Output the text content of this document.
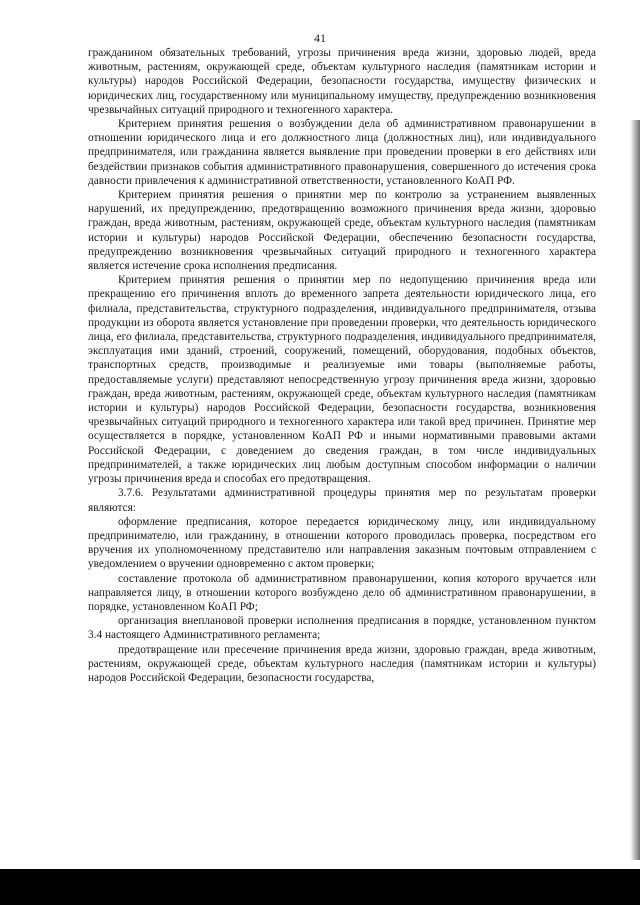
41

гражданином обязательных требований, угрозы причинения вреда жизни, здоровью людей, вреда животным, растениям, окружающей среде, объектам культурного наследия (памятникам истории и культуры) народов Российской Федерации, безопасности государства, имуществу физических и юридических лиц, государственному или муниципальному имуществу, предупреждению возникновения чрезвычайных ситуаций природного и техногенного характера.

Критерием принятия решения о возбуждении дела об административном правонарушении в отношении юридического лица и его должностного лица (должностных лиц), или индивидуального предпринимателя, или гражданина является выявление при проведении проверки в его действиях или бездействии признаков события административного правонарушения, совершенного до истечения срока давности привлечения к административной ответственности, установленного КоАП РФ.

Критерием принятия решения о принятии мер по контролю за устранением выявленных нарушений, их предупреждению, предотвращению возможного причинения вреда жизни, здоровью граждан, вреда животным, растениям, окружающей среде, объектам культурного наследия (памятникам истории и культуры) народов Российской Федерации, обеспечению безопасности государства, предупреждению возникновения чрезвычайных ситуаций природного и техногенного характера является истечение срока исполнения предписания.

Критерием принятия решения о принятии мер по недопущению причинения вреда или прекращению его причинения вплоть до временного запрета деятельности юридического лица, его филиала, представительства, структурного подразделения, индивидуального предпринимателя, отзыва продукции из оборота является установление при проведении проверки, что деятельность юридического лица, его филиала, представительства, структурного подразделения, индивидуального предпринимателя, эксплуатация ими зданий, строений, сооружений, помещений, оборудования, подобных объектов, транспортных средств, производимые и реализуемые ими товары (выполняемые работы, предоставляемые услуги) представляют непосредственную угрозу причинения вреда жизни, здоровью граждан, вреда животным, растениям, окружающей среде, объектам культурного наследия (памятникам истории и культуры) народов Российской Федерации, безопасности государства, возникновения чрезвычайных ситуаций природного и техногенного характера или такой вред причинен. Принятие мер осуществляется в порядке, установленном КоАП РФ и иными нормативными правовыми актами Российской Федерации, с доведением до сведения граждан, в том числе индивидуальных предпринимателей, а также юридических лиц любым доступным способом информации о наличии угрозы причинения вреда и способах его предотвращения.

3.7.6. Результатами административной процедуры принятия мер по результатам проверки являются:

оформление предписания, которое передается юридическому лицу, или индивидуальному предпринимателю, или гражданину, в отношении которого проводилась проверка, посредством его вручения их уполномоченному представителю или направления заказным почтовым отправлением с уведомлением о вручении одновременно с актом проверки;

составление протокола об административном правонарушении, копия которого вручается или направляется лицу, в отношении которого возбуждено дело об административном правонарушении, в порядке, установленном КоАП РФ;

организация внеплановой проверки исполнения предписания в порядке, установленном пунктом 3.4 настоящего Административного регламента;

предотвращение или пресечение причинения вреда жизни, здоровью граждан, вреда животным, растениям, окружающей среде, объектам культурного наследия (памятникам истории и культуры) народов Российской Федерации, безопасности государства,
